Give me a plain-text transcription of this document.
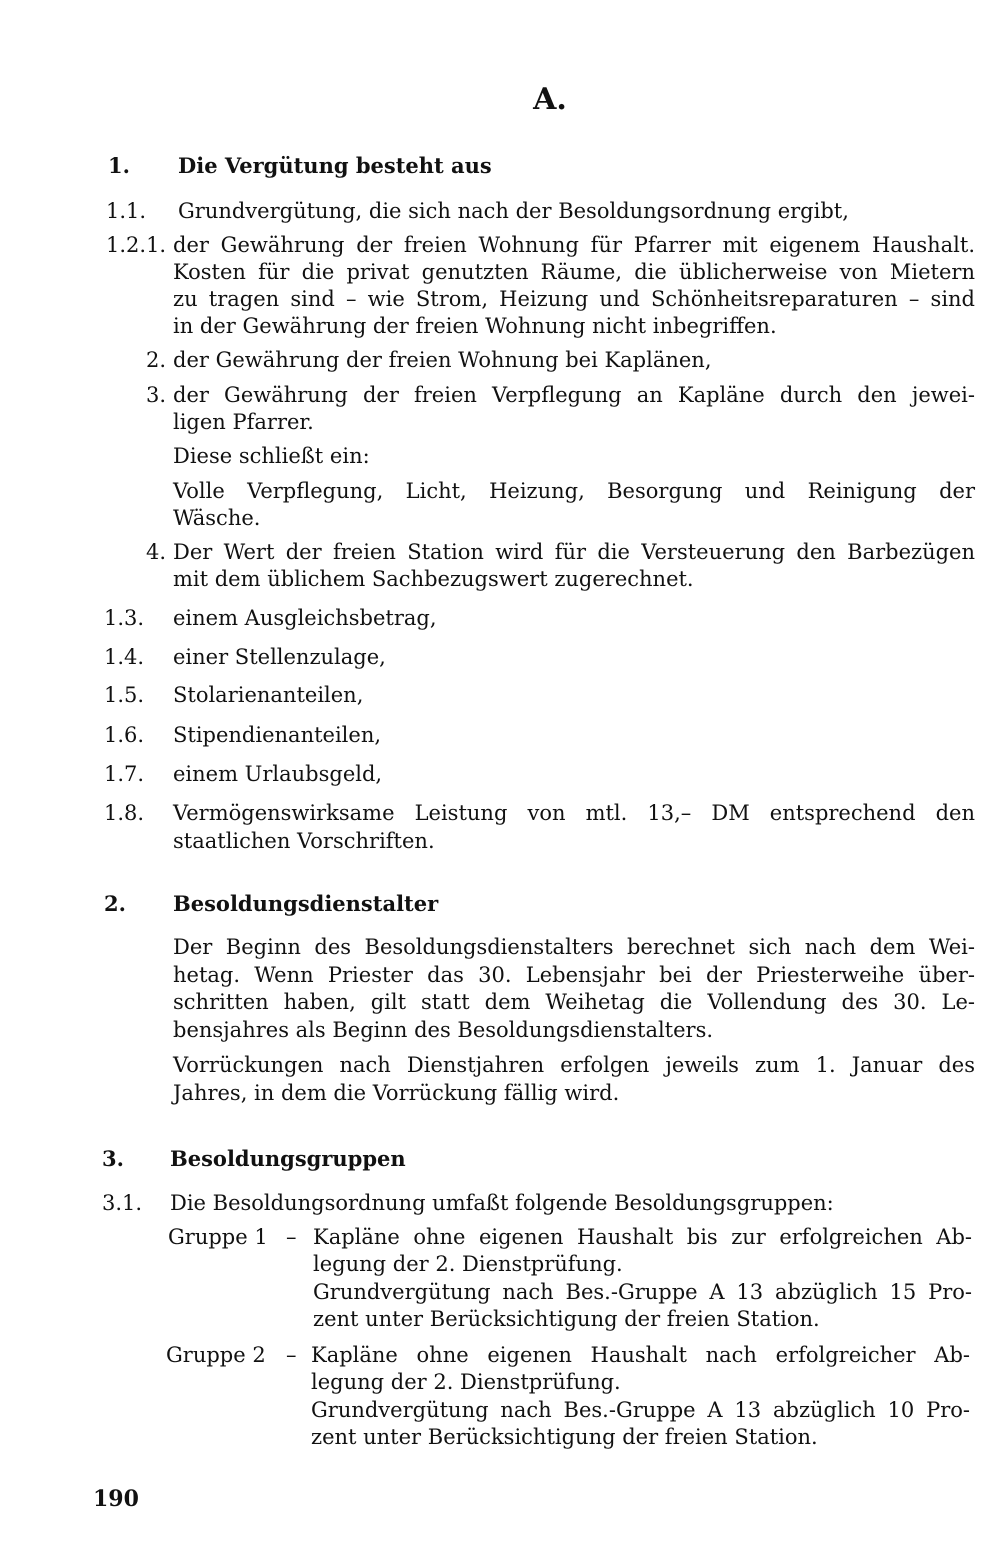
A.
1. Die Vergütung besteht aus
1.1. Grundvergütung, die sich nach der Besoldungsordnung ergibt,
1.2.1. der Gewährung der freien Wohnung für Pfarrer mit eigenem Haushalt.
Kosten für die privat genutzten Räume, die üblicherweise von Mietern
zu tragen sind – wie Strom, Heizung und Schönheitsreparaturen – sind
in der Gewährung der freien Wohnung nicht inbegriffen.
2. der Gewährung der freien Wohnung bei Kaplänen,
3. der Gewährung der freien Verpflegung an Kapläne durch den jewei-
ligen Pfarrer.
Diese schließt ein:
Volle Verpflegung, Licht, Heizung, Besorgung und Reinigung der
Wäsche.
4. Der Wert der freien Station wird für die Versteuerung den Barbezügen
mit dem üblichem Sachbezugswert zugerechnet.
1.3. einem Ausgleichsbetrag,
1.4. einer Stellenzulage,
1.5. Stolarienanteilen,
1.6. Stipendienanteilen,
1.7. einem Urlaubsgeld,
1.8. Vermögenswirksame Leistung von mtl. 13,– DM entsprechend den
staatlichen Vorschriften.
2. Besoldungsdienstalter
Der Beginn des Besoldungsdienstalters berechnet sich nach dem Wei-
hetag. Wenn Priester das 30. Lebensjahr bei der Priesterweihe über-
schritten haben, gilt statt dem Weihetag die Vollendung des 30. Le-
bensjahres als Beginn des Besoldungsdienstalters.
Vorrückungen nach Dienstjahren erfolgen jeweils zum 1. Januar des
Jahres, in dem die Vorrückung fällig wird.
3. Besoldungsgruppen
3.1. Die Besoldungsordnung umfaßt folgende Besoldungsgruppen:
Gruppe 1 – Kapläne ohne eigenen Haushalt bis zur erfolgreichen Ab-
legung der 2. Dienstprüfung.
Grundvergütung nach Bes.-Gruppe A 13 abzüglich 15 Pro-
zent unter Berücksichtigung der freien Station.
Gruppe 2 – Kapläne ohne eigenen Haushalt nach erfolgreicher Ab-
legung der 2. Dienstprüfung.
Grundvergütung nach Bes.-Gruppe A 13 abzüglich 10 Pro-
zent unter Berücksichtigung der freien Station.
190
